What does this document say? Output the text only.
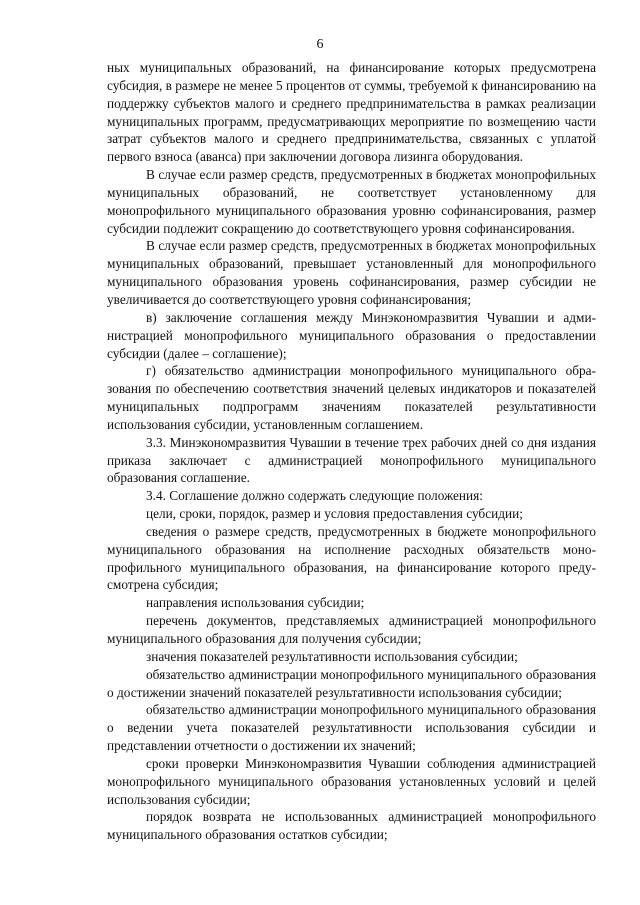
6

ных муниципальных образований, на финансирование которых предусмотрена субсидия, в размере не менее 5 процентов от суммы, требуемой к финансированию на поддержку субъектов малого и среднего предпринимательства в рамках реализации муниципальных программ, предусматривающих мероприятие по возмещению части затрат субъектов малого и среднего предпринимательства, связанных с уплатой первого взноса (аванса) при заключении договора лизинга оборудования.

В случае если размер средств, предусмотренных в бюджетах монопрофильных муниципальных образований, не соответствует установленному для монопрофильного муниципального образования уровню софинансирования, размер субсидии подлежит сокращению до соответствующего уровня софинансирования.

В случае если размер средств, предусмотренных в бюджетах монопрофильных муниципальных образований, превышает установленный для монопрофильного муниципального образования уровень софинансирования, размер субсидии не увеличивается до соответствующего уровня софинансирования;

в) заключение соглашения между Минэкономразвития Чувашии и администрацией монопрофильного муниципального образования о предоставлении субсидии (далее – соглашение);

г) обязательство администрации монопрофильного муниципального образования по обеспечению соответствия значений целевых индикаторов и показателей муниципальных подпрограмм значениям показателей результативности использования субсидии, установленным соглашением.

3.3. Минэкономразвития Чувашии в течение трех рабочих дней со дня издания приказа заключает с администрацией монопрофильного муниципального образования соглашение.

3.4. Соглашение должно содержать следующие положения:

цели, сроки, порядок, размер и условия предоставления субсидии;

сведения о размере средств, предусмотренных в бюджете монопрофильного муниципального образования на исполнение расходных обязательств монопрофильного муниципального образования, на финансирование которого предусмотрена субсидия;

направления использования субсидии;

перечень документов, представляемых администрацией монопрофильного муниципального образования для получения субсидии;

значения показателей результативности использования субсидии;

обязательство администрации монопрофильного муниципального образования о достижении значений показателей результативности использования субсидии;

обязательство администрации монопрофильного муниципального образования о ведении учета показателей результативности использования субсидии и представлении отчетности о достижении их значений;

сроки проверки Минэкономразвития Чувашии соблюдения администрацией монопрофильного муниципального образования установленных условий и целей использования субсидии;

порядок возврата не использованных администрацией монопрофильного муниципального образования остатков субсидии;
